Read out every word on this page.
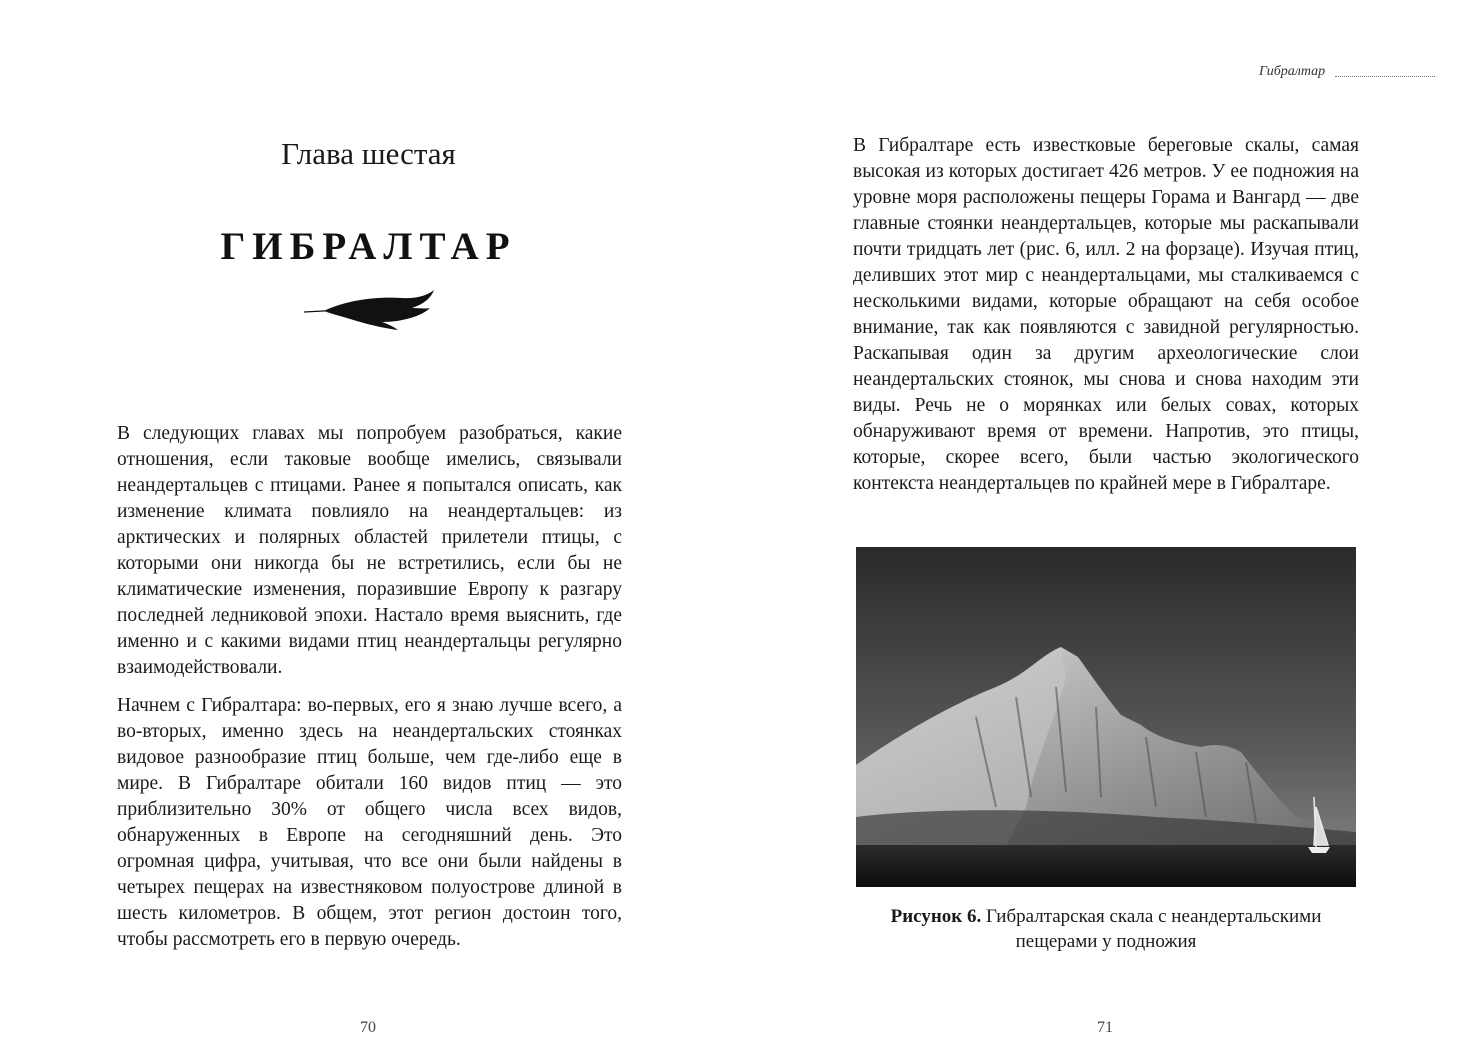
Глава шестая
ГИБРАЛТАР

В следующих главах мы попробуем разобраться, какие отношения, если таковые вообще имелись, связывали неандертальцев с птицами. Ранее я попытался описать, как изменение климата повлияло на неандертальцев: из арктических и полярных областей прилетели птицы, с которыми они никогда бы не встретились, если бы не климатические изменения, поразившие Европу к разгару последней ледниковой эпохи. Настало время выяснить, где именно и с какими видами птиц неандертальцы регулярно взаимодействовали.

Начнем с Гибралтара: во-первых, его я знаю лучше всего, а во-вторых, именно здесь на неандертальских стоянках видовое разнообразие птиц больше, чем где-либо еще в мире. В Гибралтаре обитали 160 видов птиц — это приблизительно 30% от общего числа всех видов, обнаруженных в Европе на сегодняшний день. Это огромная цифра, учитывая, что все они были найдены в четырех пещерах на известняковом полуострове длиной в шесть километров. В общем, этот регион достоин того, чтобы рассмотреть его в первую очередь.

70
Гибралтар

В Гибралтаре есть известковые береговые скалы, самая высокая из которых достигает 426 метров. У ее подножия на уровне моря расположены пещеры Горама и Вангард — две главные стоянки неандертальцев, которые мы раскапывали почти тридцать лет (рис. 6, илл. 2 на форзаце). Изучая птиц, деливших этот мир с неандертальцами, мы сталкиваемся с несколькими видами, которые обращают на себя особое внимание, так как появляются с завидной регулярностью. Раскапывая один за другим археологические слои неандертальских стоянок, мы снова и снова находим эти виды. Речь не о морянках или белых совах, которых обнаруживают время от времени. Напротив, это птицы, которые, скорее всего, были частью экологического контекста неандертальцев по крайней мере в Гибралтаре.

Рисунок 6. Гибралтарская скала с неандертальскими пещерами у подножия
71
